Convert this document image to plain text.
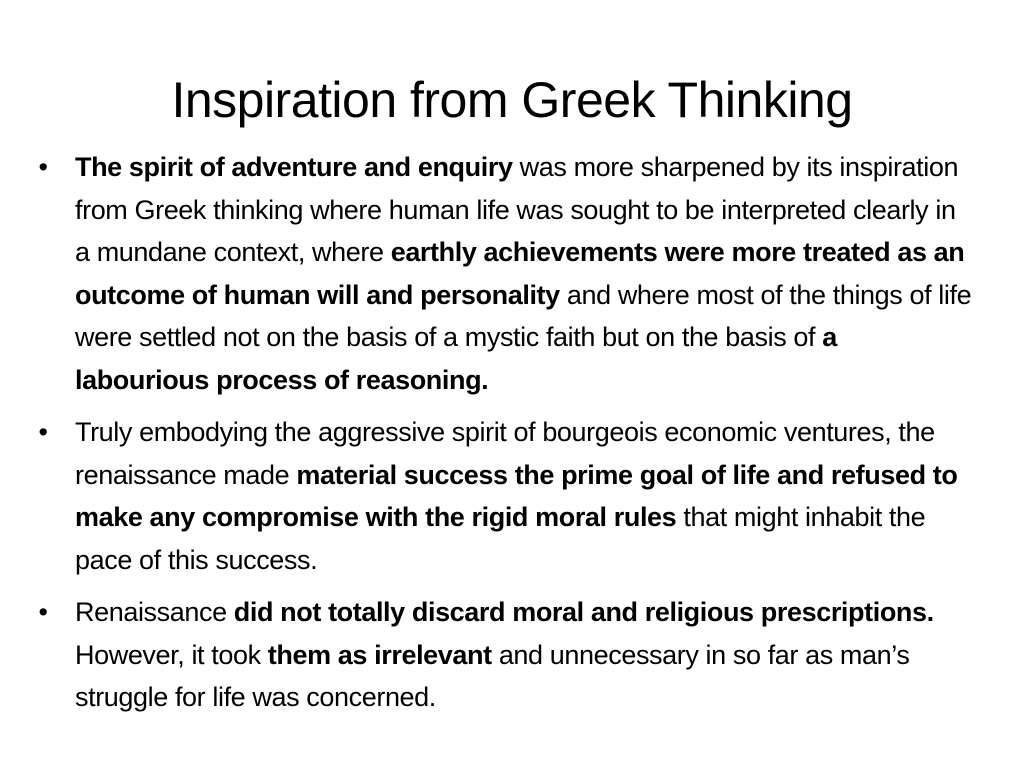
Inspiration from Greek Thinking
• The spirit of adventure and enquiry was more sharpened by its inspiration from Greek thinking where human life was sought to be interpreted clearly in a mundane context, where earthly achievements were more treated as an outcome of human will and personality and where most of the things of life were settled not on the basis of a mystic faith but on the basis of a labourious process of reasoning.
• Truly embodying the aggressive spirit of bourgeois economic ventures, the renaissance made material success the prime goal of life and refused to make any compromise with the rigid moral rules that might inhabit the pace of this success.
• Renaissance did not totally discard moral and religious prescriptions. However, it took them as irrelevant and unnecessary in so far as man’s struggle for life was concerned.
